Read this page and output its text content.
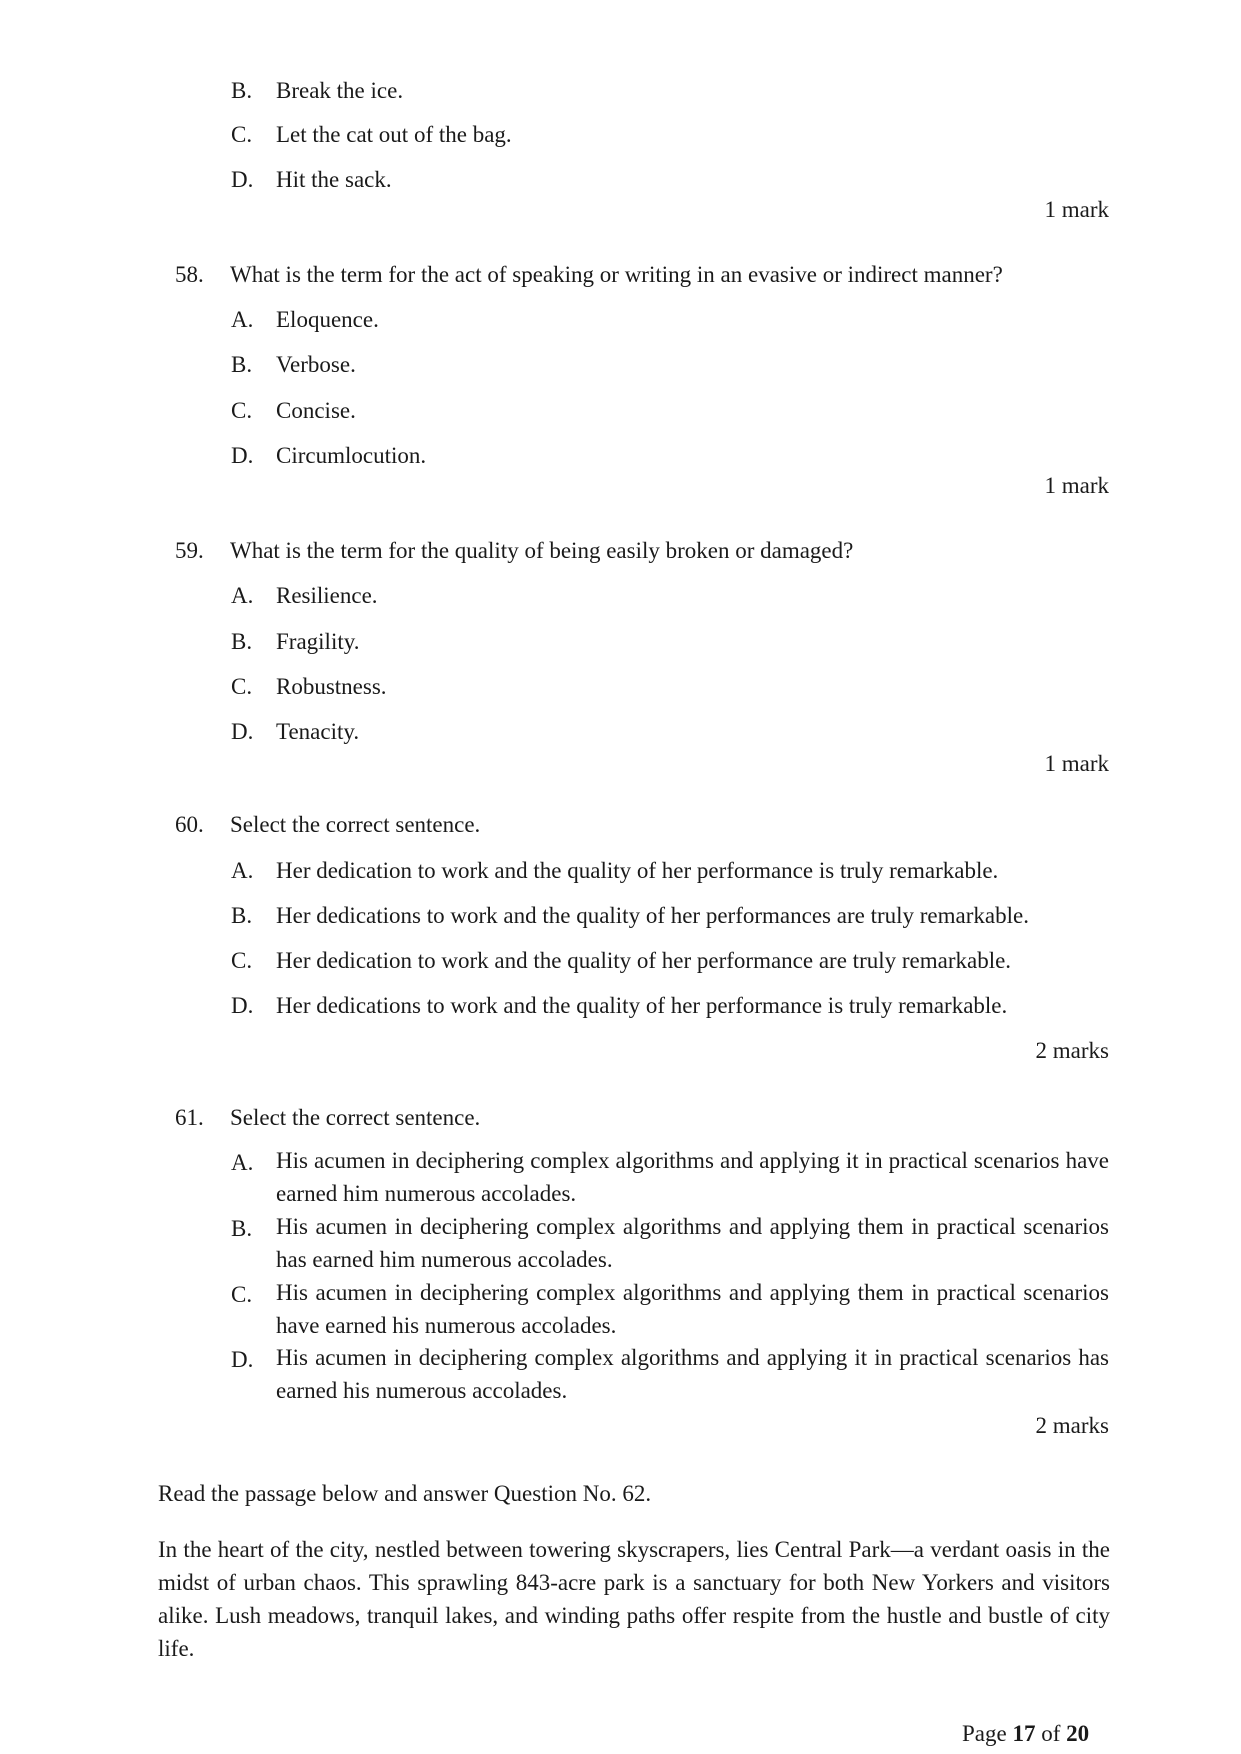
B. Break the ice.
C. Let the cat out of the bag.
D. Hit the sack.
1 mark
58. What is the term for the act of speaking or writing in an evasive or indirect manner?
A. Eloquence.
B. Verbose.
C. Concise.
D. Circumlocution.
1 mark
59. What is the term for the quality of being easily broken or damaged?
A. Resilience.
B. Fragility.
C. Robustness.
D. Tenacity.
1 mark
60. Select the correct sentence.
A. Her dedication to work and the quality of her performance is truly remarkable.
B. Her dedications to work and the quality of her performances are truly remarkable.
C. Her dedication to work and the quality of her performance are truly remarkable.
D. Her dedications to work and the quality of her performance is truly remarkable.
2 marks
61. Select the correct sentence.
A. His acumen in deciphering complex algorithms and applying it in practical scenarios have earned him numerous accolades.
B. His acumen in deciphering complex algorithms and applying them in practical scenarios has earned him numerous accolades.
C. His acumen in deciphering complex algorithms and applying them in practical scenarios have earned his numerous accolades.
D. His acumen in deciphering complex algorithms and applying it in practical scenarios has earned his numerous accolades.
2 marks
Read the passage below and answer Question No. 62.
In the heart of the city, nestled between towering skyscrapers, lies Central Park—a verdant oasis in the midst of urban chaos. This sprawling 843-acre park is a sanctuary for both New Yorkers and visitors alike. Lush meadows, tranquil lakes, and winding paths offer respite from the hustle and bustle of city life.
Page 17 of 20
